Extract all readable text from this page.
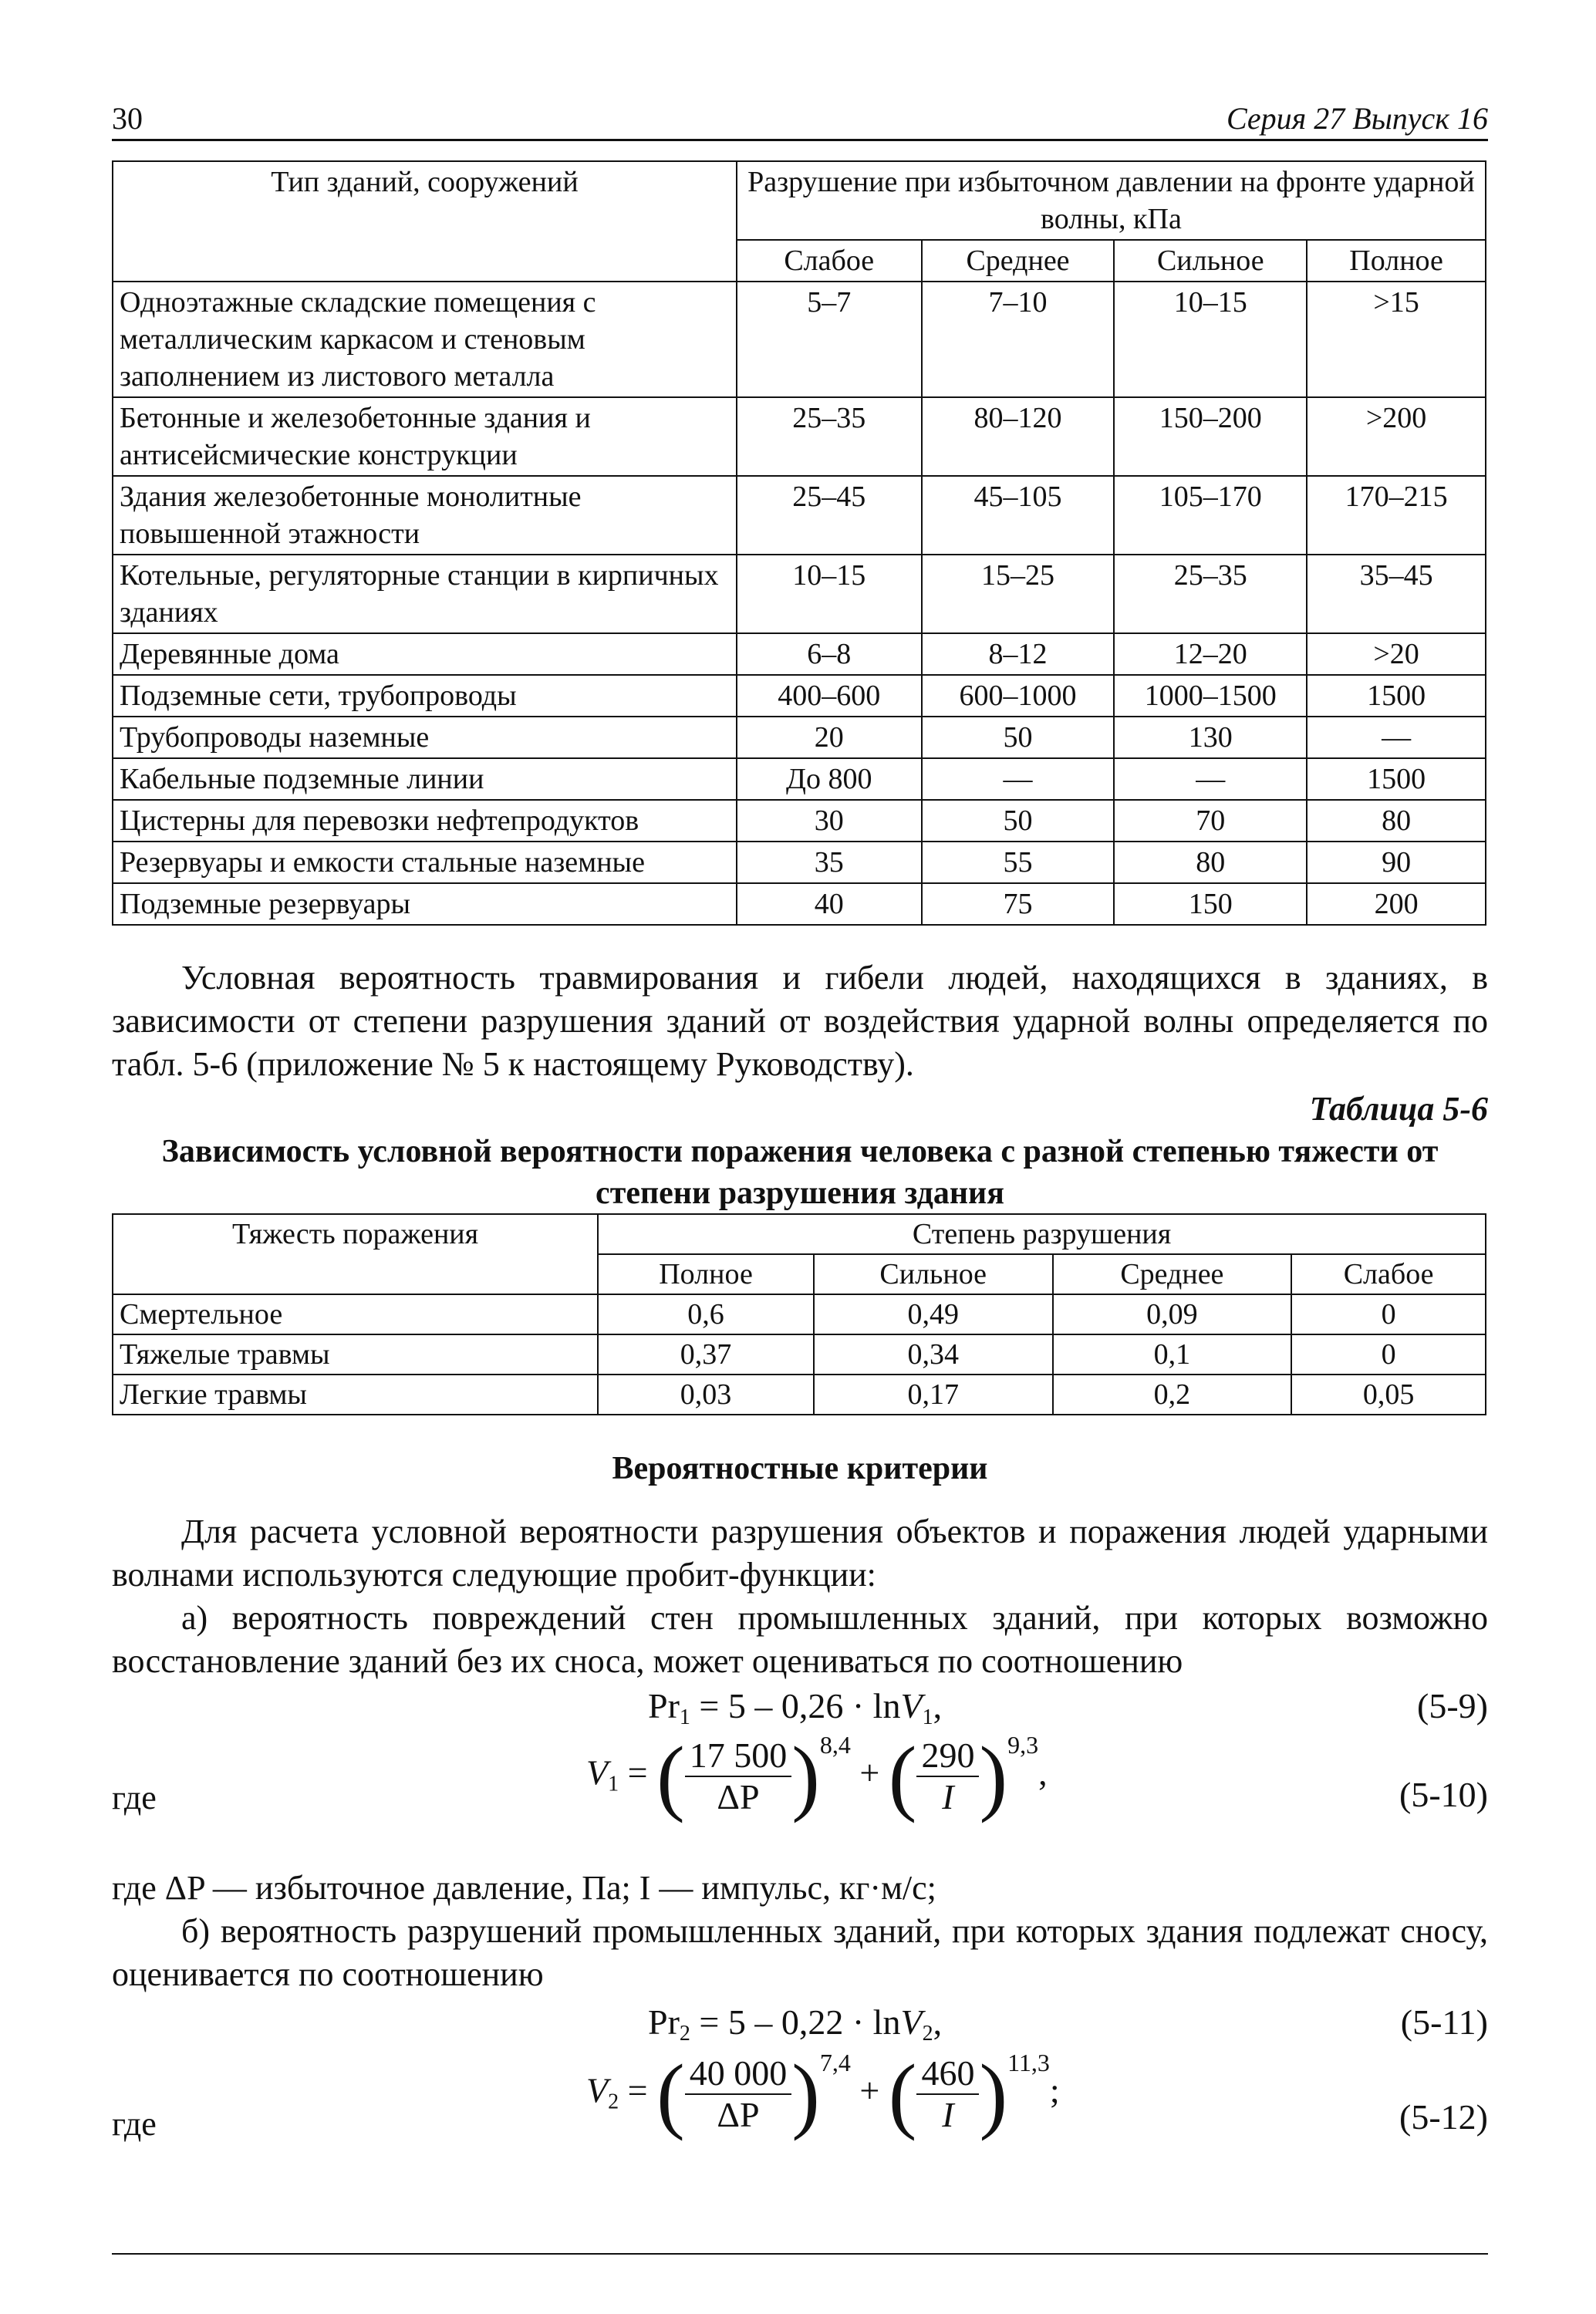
30	Серия 27 Выпуск 16
Тип зданий, сооружений	Разрушение при избыточном давлении на фронте ударной волны, кПа			
	Слабое	Среднее	Сильное	Полное
Одноэтажные складские помещения с металлическим каркасом и стеновым заполнением из листового металла	5–7	7–10	10–15	>15
Бетонные и железобетонные здания и антисейсмические конструкции	25–35	80–120	150–200	>200
Здания железобетонные монолитные повышенной этажности	25–45	45–105	105–170	170–215
Котельные, регуляторные станции в кирпичных зданиях	10–15	15–25	25–35	35–45
Деревянные дома	6–8	8–12	12–20	>20
Подземные сети, трубопроводы	400–600	600–1000	1000–1500	1500
Трубопроводы наземные	20	50	130	—
Кабельные подземные линии	До 800	—	—	1500
Цистерны для перевозки нефтепродуктов	30	50	70	80
Резервуары и емкости стальные наземные	35	55	80	90
Подземные резервуары	40	75	150	200
Условная вероятность травмирования и гибели людей, находящихся в зданиях, в зависимости от степени разрушения зданий от воздействия ударной волны определяется по табл. 5-6 (приложение № 5 к настоящему Руководству).
Таблица 5-6
Зависимость условной вероятности поражения человека с разной степенью тяжести от степени разрушения здания
Тяжесть поражения	Степень разрушения			
	Полное	Сильное	Среднее	Слабое
Смертельное	0,6	0,49	0,09	0
Тяжелые травмы	0,37	0,34	0,1	0
Легкие травмы	0,03	0,17	0,2	0,05
Вероятностные критерии
Для расчета условной вероятности разрушения объектов и поражения людей ударными волнами используются следующие пробит-функции:
а) вероятность повреждений стен промышленных зданий, при которых возможно восстановление зданий без их сноса, может оцениваться по соотношению
$Pr_1 = 5 - 0,26 \cdot \ln V_1$,	(5-9)
где
$V_1$ = ( $\frac{17 500}{\Delta P} )^{8,4}$ + ( $\frac{290}{I} )^{9,3}$,
(5-10)
где ΔP — избыточное давление, Па; I — импульс, кг·м/с;
б) вероятность разрушений промышленных зданий, при которых здания подлежат сносу, оценивается по соотношению
$Pr_2 = 5 - 0,22 \cdot \ln V_2$,	(5-11)
где
$V_2$ = ( $\frac{40 000}{\Delta P} )^{7,4}$ + ( $\frac{460}{I} )^{11,3}$;
(5-12)
